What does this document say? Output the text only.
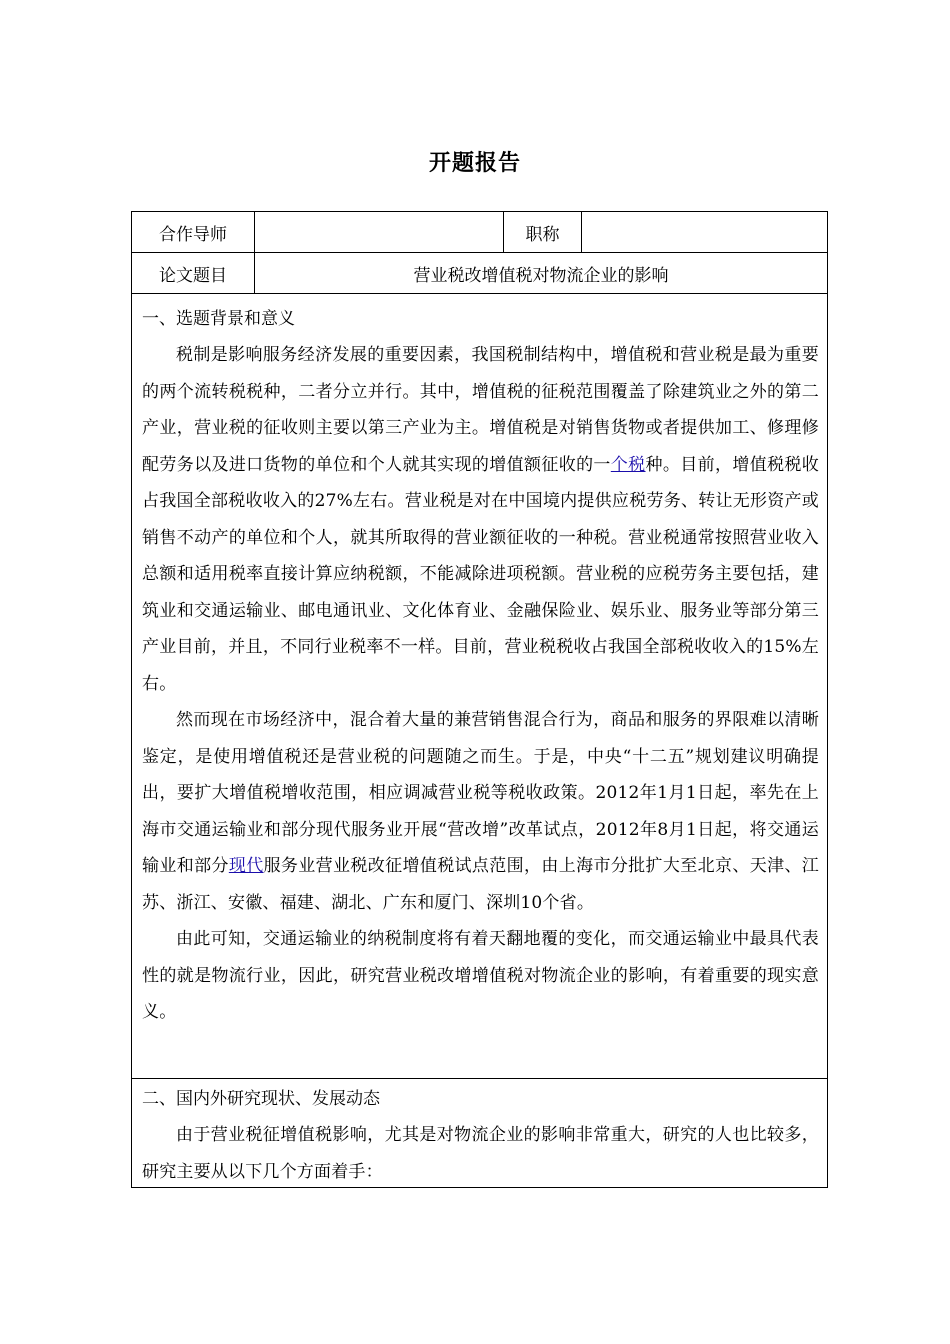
开题报告
合作导师	职称
论文题目	营业税改增值税对物流企业的影响
一、选题背景和意义

税制是影响服务经济发展的重要因素，我国税制结构中，增值税和营业税是最为重要的两个流转税税种，二者分立并行。其中，增值税的征税范围覆盖了除建筑业之外的第二产业，营业税的征收则主要以第三产业为主。增值税是对销售货物或者提供加工、修理修配劳务以及进口货物的单位和个人就其实现的增值额征收的一个税种。目前，增值税税收占我国全部税收收入的27%左右。营业税是对在中国境内提供应税劳务、转让无形资产或销售不动产的单位和个人，就其所取得的营业额征收的一种税。营业税通常按照营业收入总额和适用税率直接计算应纳税额，不能减除进项税额。营业税的应税劳务主要包括，建筑业和交通运输业、邮电通讯业、文化体育业、金融保险业、娱乐业、服务业等部分第三产业目前，并且，不同行业税率不一样。目前，营业税税收占我国全部税收收入的15%左右。

然而现在市场经济中，混合着大量的兼营销售混合行为，商品和服务的界限难以清晰鉴定，是使用增值税还是营业税的问题随之而生。于是，中央“十二五”规划建议明确提出，要扩大增值税增收范围，相应调减营业税等税收政策。2012年1月1日起，率先在上海市交通运输业和部分现代服务业开展“营改增”改革试点，2012年8月1日起，将交通运输业和部分现代服务业营业税改征增值税试点范围，由上海市分批扩大至北京、天津、江苏、浙江、安徽、福建、湖北、广东和厦门、深圳10个省。

由此可知，交通运输业的纳税制度将有着天翻地覆的变化，而交通运输业中最具代表性的就是物流行业，因此，研究营业税改增增值税对物流企业的影响，有着重要的现实意义。

二、国内外研究现状、发展动态

由于营业税征增值税影响，尤其是对物流企业的影响非常重大，研究的人也比较多，研究主要从以下几个方面着手：
